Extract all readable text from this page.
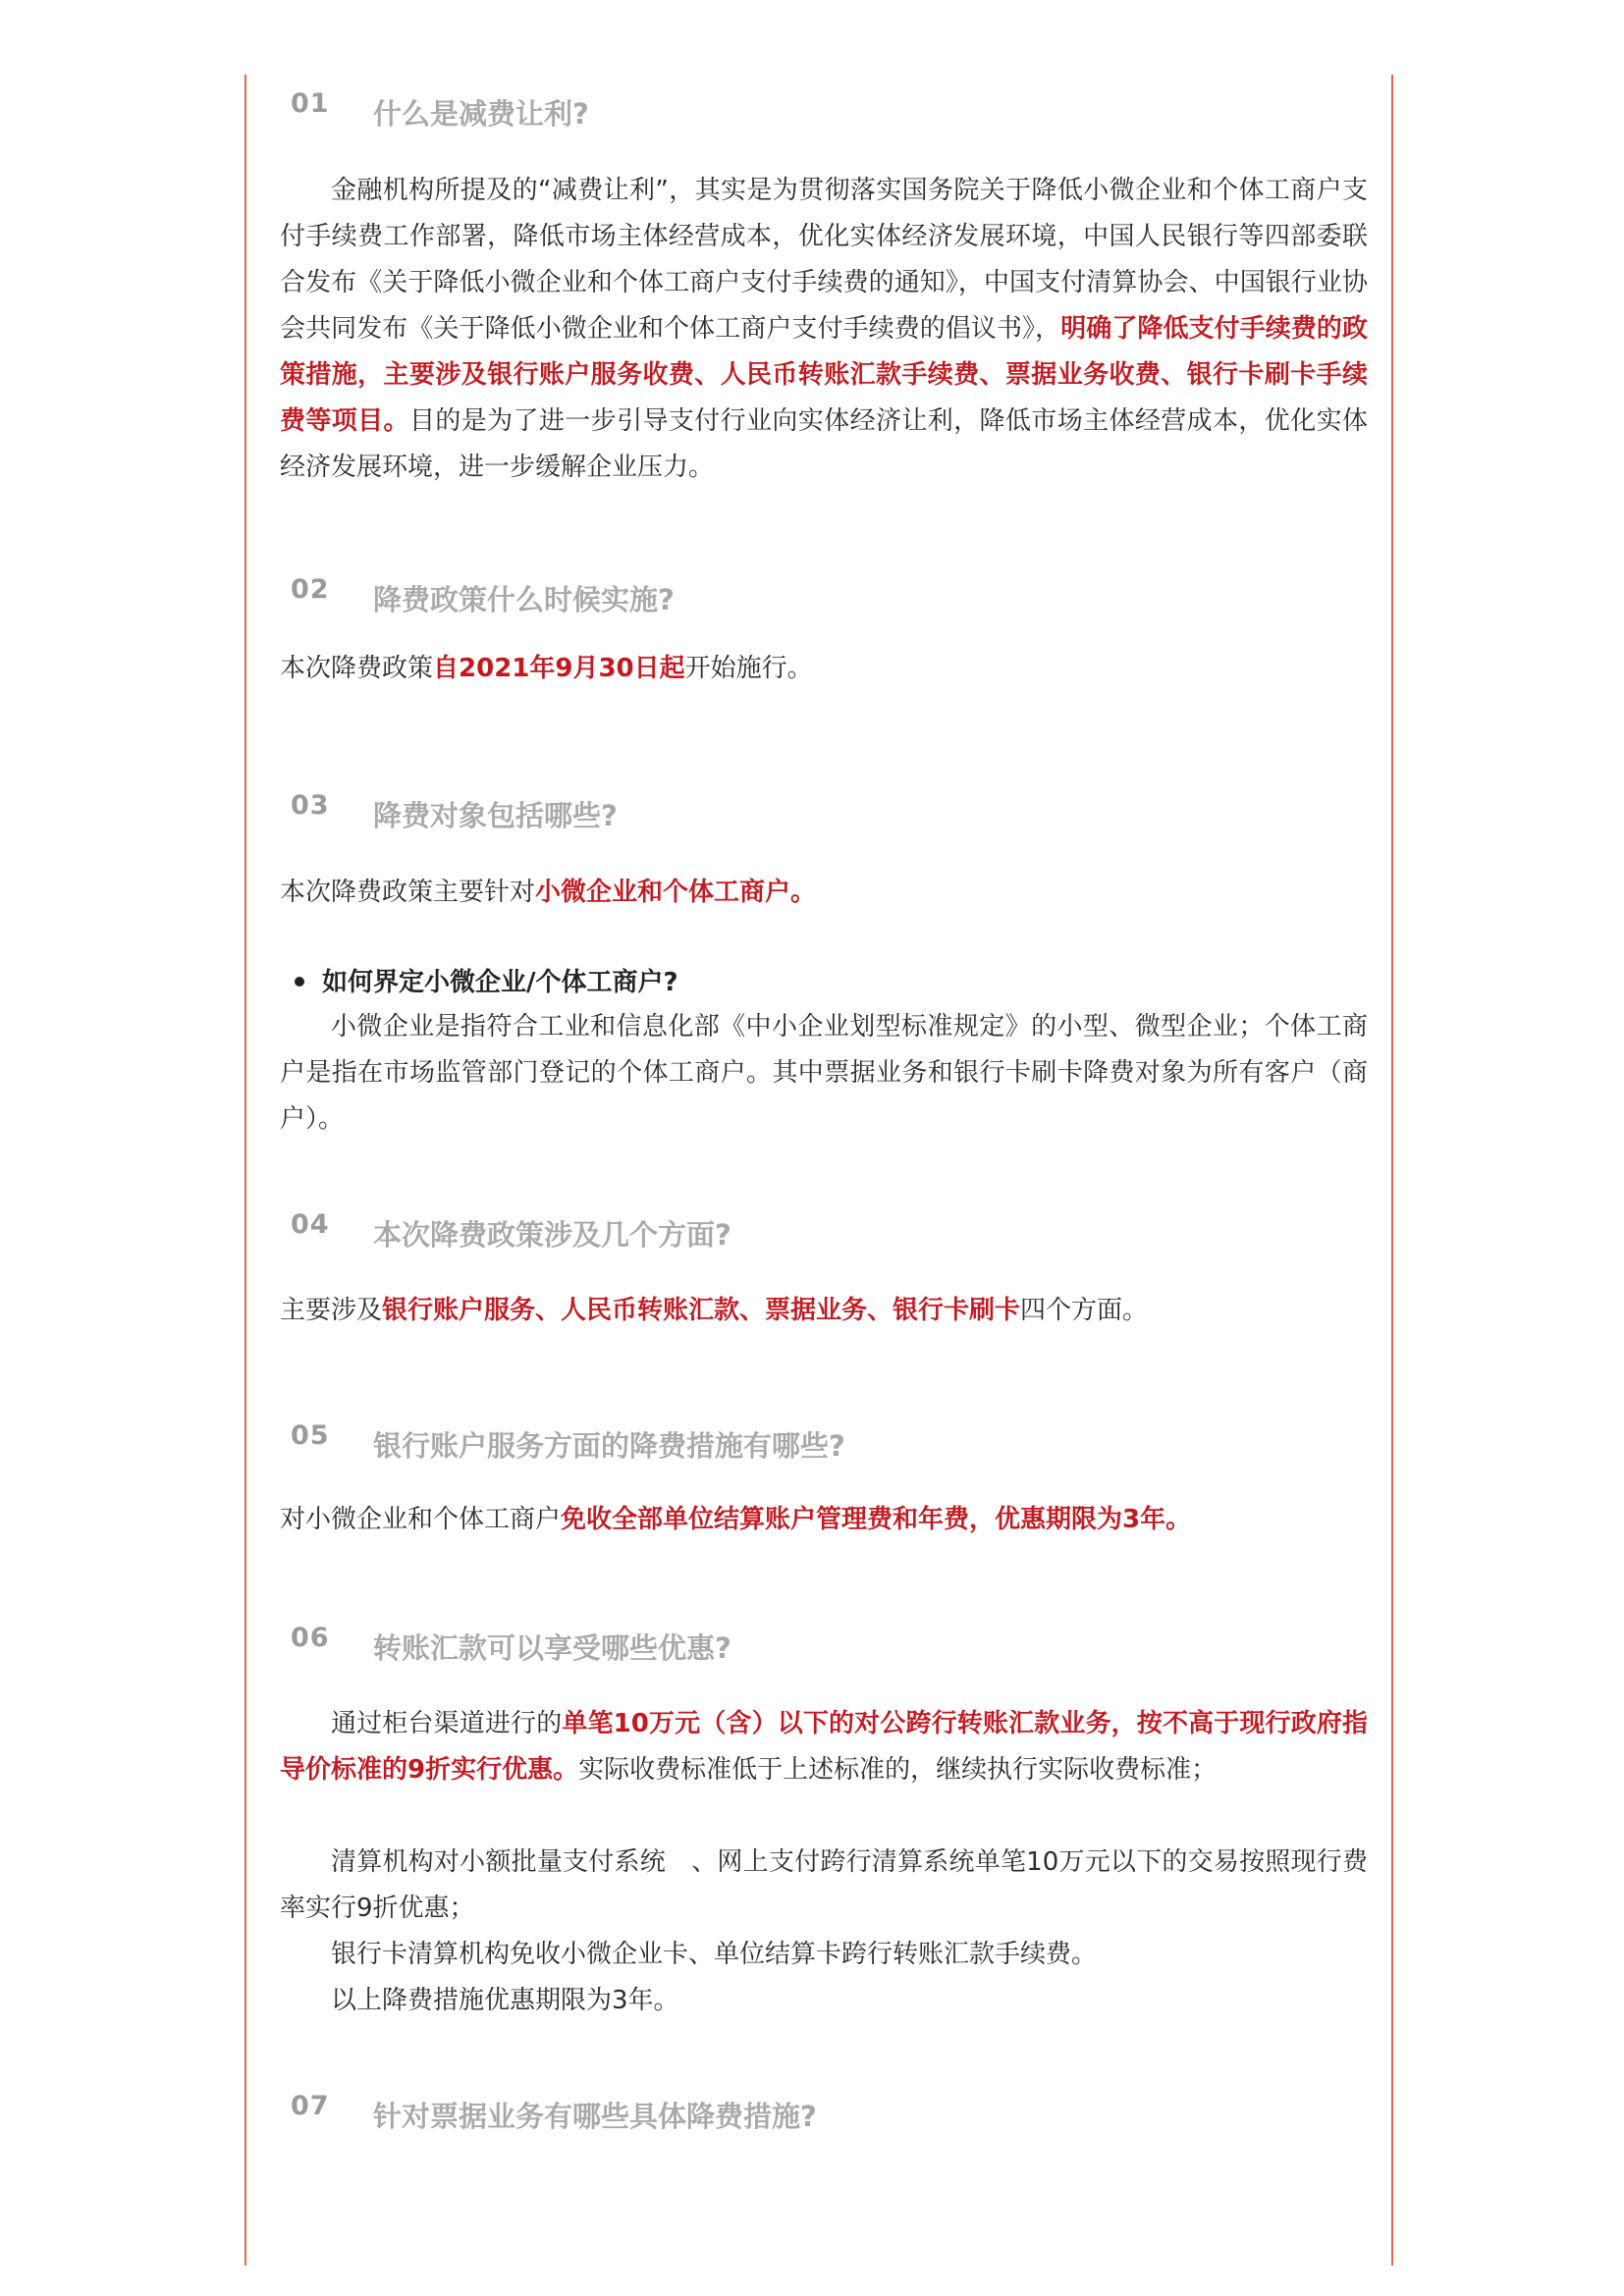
01 什么是减费让利?

金融机构所提及的“减费让利”，其实是为贯彻落实国务院关于降低小微企业和个体工商户支付手续费工作部署，降低市场主体经营成本，优化实体经济发展环境，中国人民银行等四部委联合发布《关于降低小微企业和个体工商户支付手续费的通知》，中国支付清算协会、中国银行业协会共同发布《关于降低小微企业和个体工商户支付手续费的倡议书》，明确了降低支付手续费的政策措施，主要涉及银行账户服务收费、人民币转账汇款手续费、票据业务收费、银行卡刷卡手续费等项目。目的是为了进一步引导支付行业向实体经济让利，降低市场主体经营成本，优化实体经济发展环境，进一步缓解企业压力。

02 降费政策什么时候实施?

本次降费政策自2021年9月30日起开始施行。

03 降费对象包括哪些?

本次降费政策主要针对小微企业和个体工商户。

如何界定小微企业/个体工商户?

小微企业是指符合工业和信息化部《中小企业划型标准规定》的小型、微型企业；个体工商户是指在市场监管部门登记的个体工商户。其中票据业务和银行卡刷卡降费对象为所有客户（商户）。

04 本次降费政策涉及几个方面?

主要涉及银行账户服务、人民币转账汇款、票据业务、银行卡刷卡四个方面。

05 银行账户服务方面的降费措施有哪些?

对小微企业和个体工商户免收全部单位结算账户管理费和年费，优惠期限为3年。

06 转账汇款可以享受哪些优惠?

通过柜台渠道进行的单笔10万元（含）以下的对公跨行转账汇款业务，按不高于现行政府指导价标准的9折实行优惠。实际收费标准低于上述标准的，继续执行实际收费标准；

清算机构对小额批量支付系统　、网上支付跨行清算系统单笔10万元以下的交易按照现行费率实行9折优惠；

银行卡清算机构免收小微企业卡、单位结算卡跨行转账汇款手续费。

以上降费措施优惠期限为3年。

07 针对票据业务有哪些具体降费措施?
